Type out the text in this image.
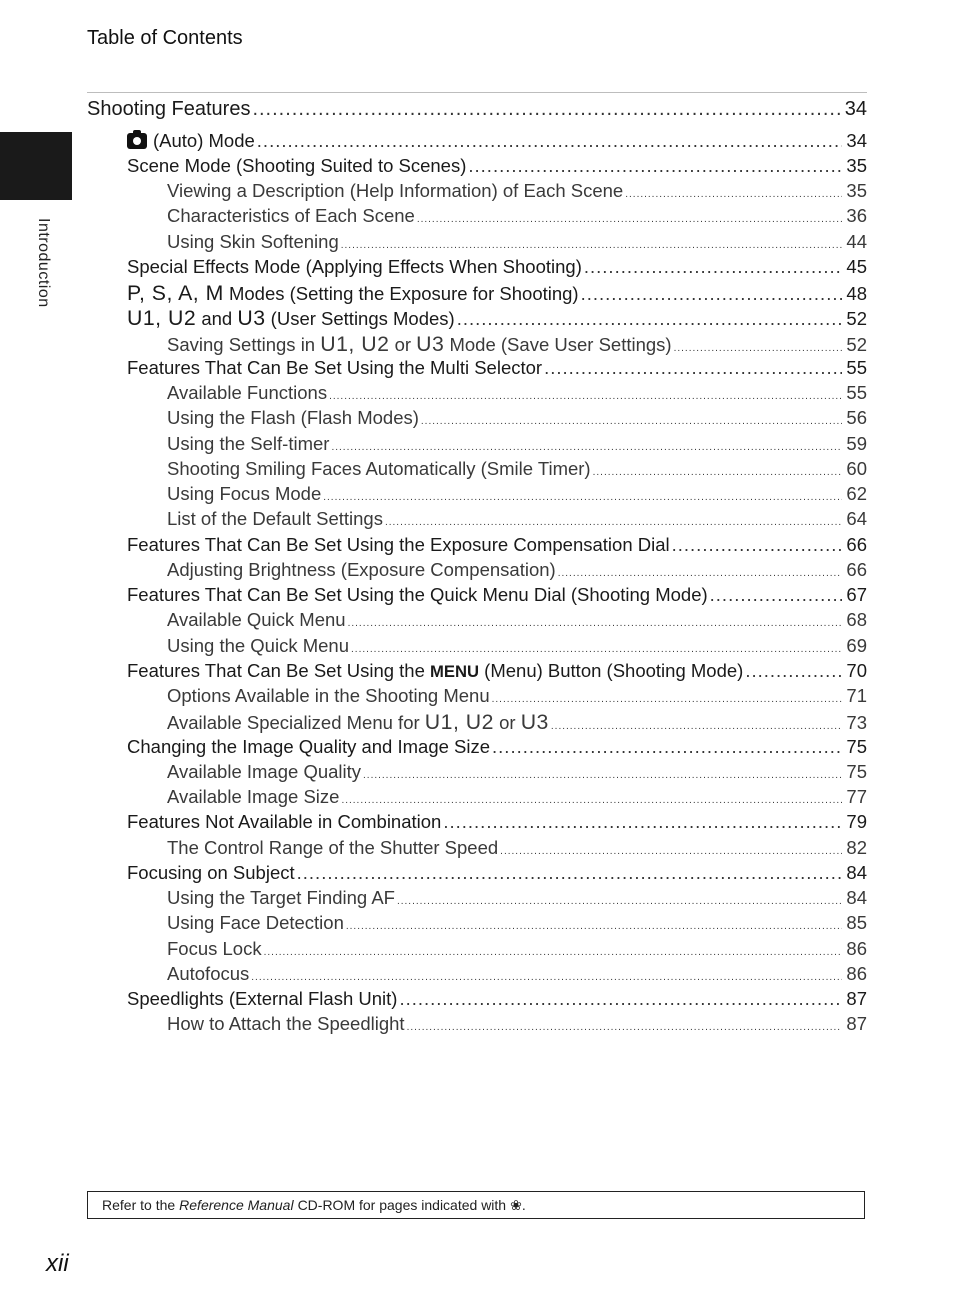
Table of Contents
Introduction
Shooting Features .....	34
(Auto) Mode .....	34
Scene Mode (Shooting Suited to Scenes) .....	35
Viewing a Description (Help Information) of Each Scene .....	35
Characteristics of Each Scene .....	36
Using Skin Softening .....	44
Special Effects Mode (Applying Effects When Shooting) .....	45
P, S, A, M Modes (Setting the Exposure for Shooting) .....	48
U1, U2 and U3 (User Settings Modes) .....	52
Saving Settings in U1, U2 or U3 Mode (Save User Settings) .....	52
Features That Can Be Set Using the Multi Selector .....	55
Available Functions .....	55
Using the Flash (Flash Modes) .....	56
Using the Self-timer .....	59
Shooting Smiling Faces Automatically (Smile Timer) .....	60
Using Focus Mode .....	62
List of the Default Settings .....	64
Features That Can Be Set Using the Exposure Compensation Dial .....	66
Adjusting Brightness (Exposure Compensation) .....	66
Features That Can Be Set Using the Quick Menu Dial (Shooting Mode) .....	67
Available Quick Menu .....	68
Using the Quick Menu .....	69
Features That Can Be Set Using the MENU (Menu) Button (Shooting Mode) .....	70
Options Available in the Shooting Menu .....	71
Available Specialized Menu for U1, U2 or U3 .....	73
Changing the Image Quality and Image Size .....	75
Available Image Quality .....	75
Available Image Size .....	77
Features Not Available in Combination .....	79
The Control Range of the Shutter Speed .....	82
Focusing on Subject .....	84
Using the Target Finding AF .....	84
Using Face Detection .....	85
Focus Lock .....	86
Autofocus .....	86
Speedlights (External Flash Unit) .....	87
How to Attach the Speedlight .....	87
Refer to the Reference Manual CD-ROM for pages indicated with ❀ .
xii
